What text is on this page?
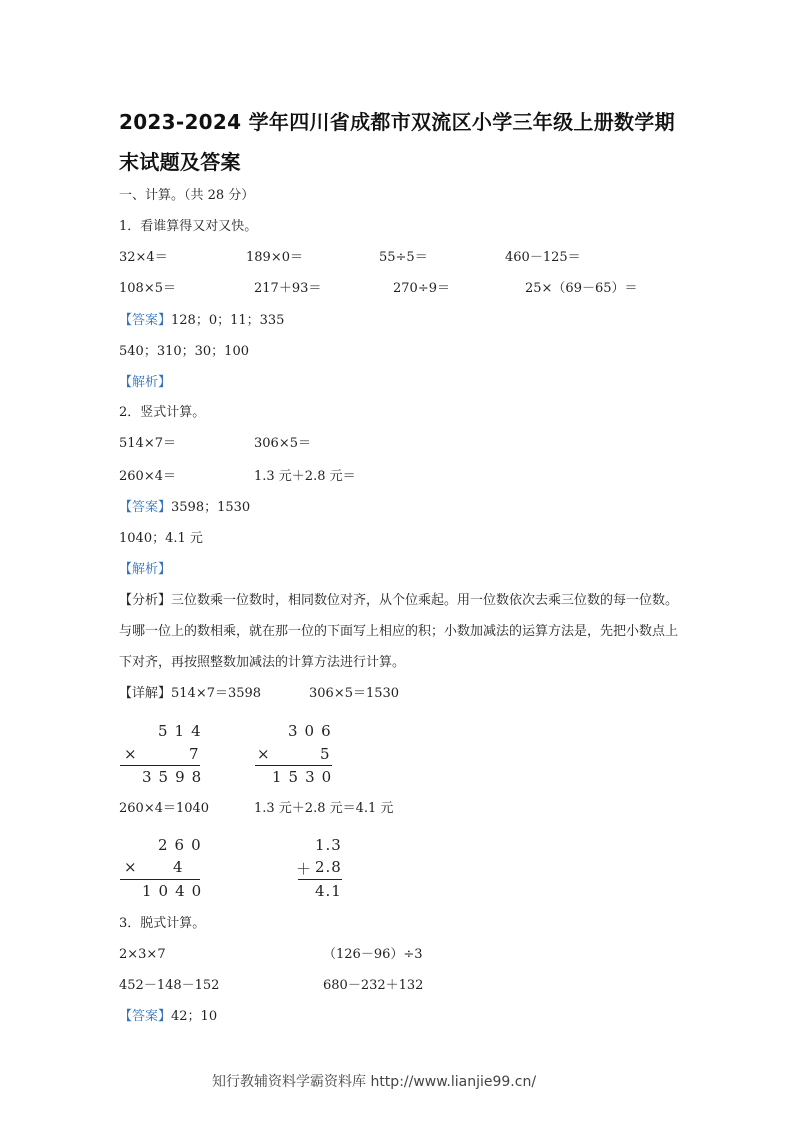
2023-2024 学年四川省成都市双流区小学三年级上册数学期
末试题及答案
一、计算。（共 28 分）
1．看谁算得又对又快。
32×4＝	189×0＝	55÷5＝	460－125＝
108×5＝	217＋93＝	270÷9＝	25×（69－65）＝
【答案】128；0；11；335
540；310；30；100
【解析】
2．竖式计算。
514×7＝	306×5＝
260×4＝	1.3 元＋2.8 元＝
【答案】3598；1530
1040；4.1 元
【解析】
【分析】三位数乘一位数时，相同数位对齐，从个位乘起。用一位数依次去乘三位数的每一位数。与哪一位上的数相乘，就在那一位的下面写上相应的积；小数加减法的运算方法是，先把小数点上下对齐，再按照整数加减法的计算方法进行计算。
【详解】514×7＝3598	306×5＝1530
514
×	7
3598
306
×	5
1530
260×4＝1040	1.3 元＋2.8 元＝4.1 元
260
× 4
1040
1.3
＋ 2.8
4.1
3．脱式计算。
2×3×7	（126－96）÷3
452－148－152	680－232＋132
【答案】42；10
知行教辅资料学霸资料库 http://www.lianjie99.cn/
